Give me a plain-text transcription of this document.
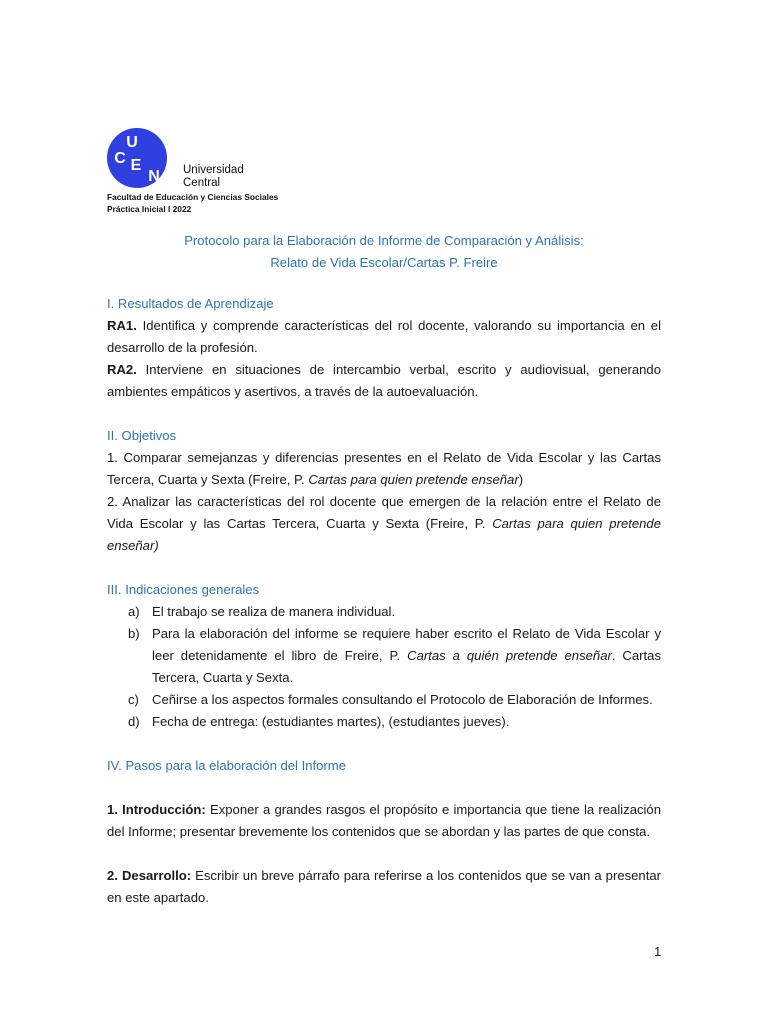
U
C E
N Universidad
Central
Facultad de Educación y Ciencias Sociales
Práctica Inicial I 2022
Protocolo para la Elaboración de Informe de Comparación y Análisis:
Relato de Vida Escolar/Cartas P. Freire

I. Resultados de Aprendizaje

RA1. Identifica y comprende características del rol docente, valorando su importancia en el desarrollo de la profesión.

RA2. Interviene en situaciones de intercambio verbal, escrito y audiovisual, generando ambientes empáticos y asertivos, a través de la autoevaluación.

II. Objetivos

1. Comparar semejanzas y diferencias presentes en el Relato de Vida Escolar y las Cartas Tercera, Cuarta y Sexta (Freire, P. Cartas para quien pretende enseñar)

2. Analizar las características del rol docente que emergen de la relación entre el Relato de Vida Escolar y las Cartas Tercera, Cuarta y Sexta (Freire, P. Cartas para quien pretende enseñar)

III. Indicaciones generales

a) El trabajo se realiza de manera individual.
b) Para la elaboración del informe se requiere haber escrito el Relato de Vida Escolar y leer detenidamente el libro de Freire, P. Cartas a quién pretende enseñar. Cartas Tercera, Cuarta y Sexta.
c) Ceñirse a los aspectos formales consultando el Protocolo de Elaboración de Informes.
d) Fecha de entrega: (estudiantes martes), (estudiantes jueves).

IV. Pasos para la elaboración del Informe

1. Introducción: Exponer a grandes rasgos el propósito e importancia que tiene la realización del Informe; presentar brevemente los contenidos que se abordan y las partes de que consta.

2. Desarrollo: Escribir un breve párrafo para referirse a los contenidos que se van a presentar en este apartado.

1
